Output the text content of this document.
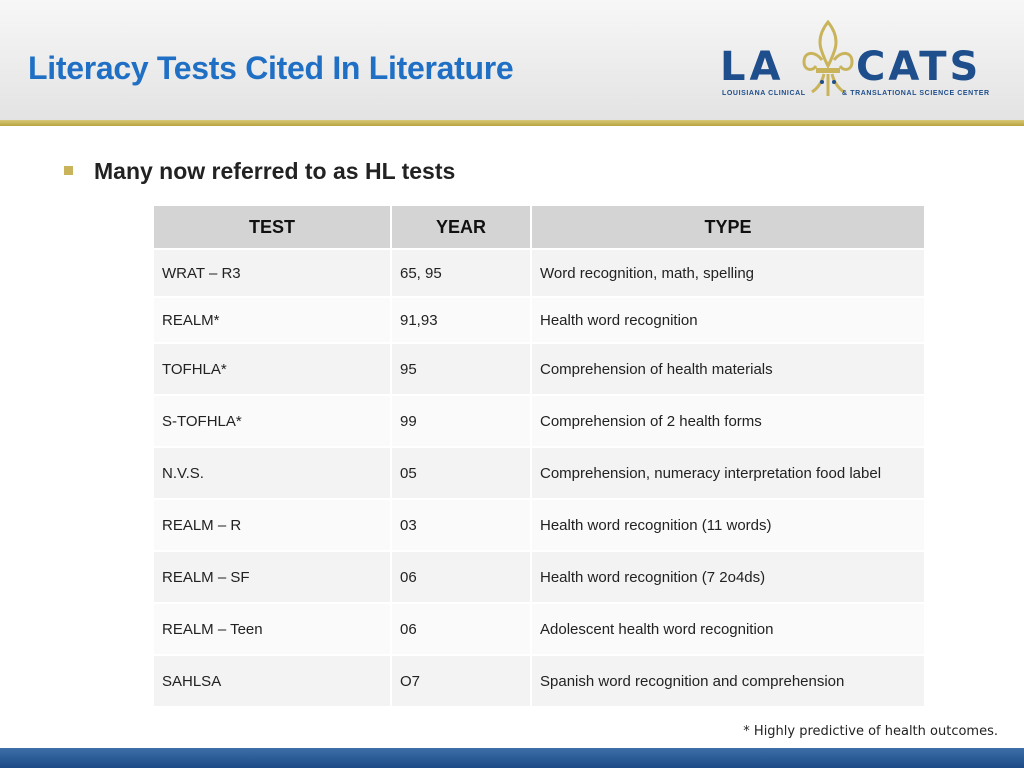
Literacy Tests Cited In Literature	LA CATS
LOUISIANA CLINICAL	& TRANSLATIONAL SCIENCE CENTER
Many now referred to as HL tests
TEST	YEAR	TYPE
WRAT – R3	65, 95	Word recognition, math, spelling
REALM*	91,93	Health word recognition
TOFHLA*	95	Comprehension of health materials
S-TOFHLA*	99	Comprehension of 2 health forms
N.V.S.	05	Comprehension, numeracy interpretation food label
REALM – R	03	Health word recognition (11 words)
REALM – SF	06	Health word recognition (7 2o4ds)
REALM – Teen	06	Adolescent health word recognition
SAHLSA	O7	Spanish word recognition and comprehension
* Highly predictive of health outcomes.
